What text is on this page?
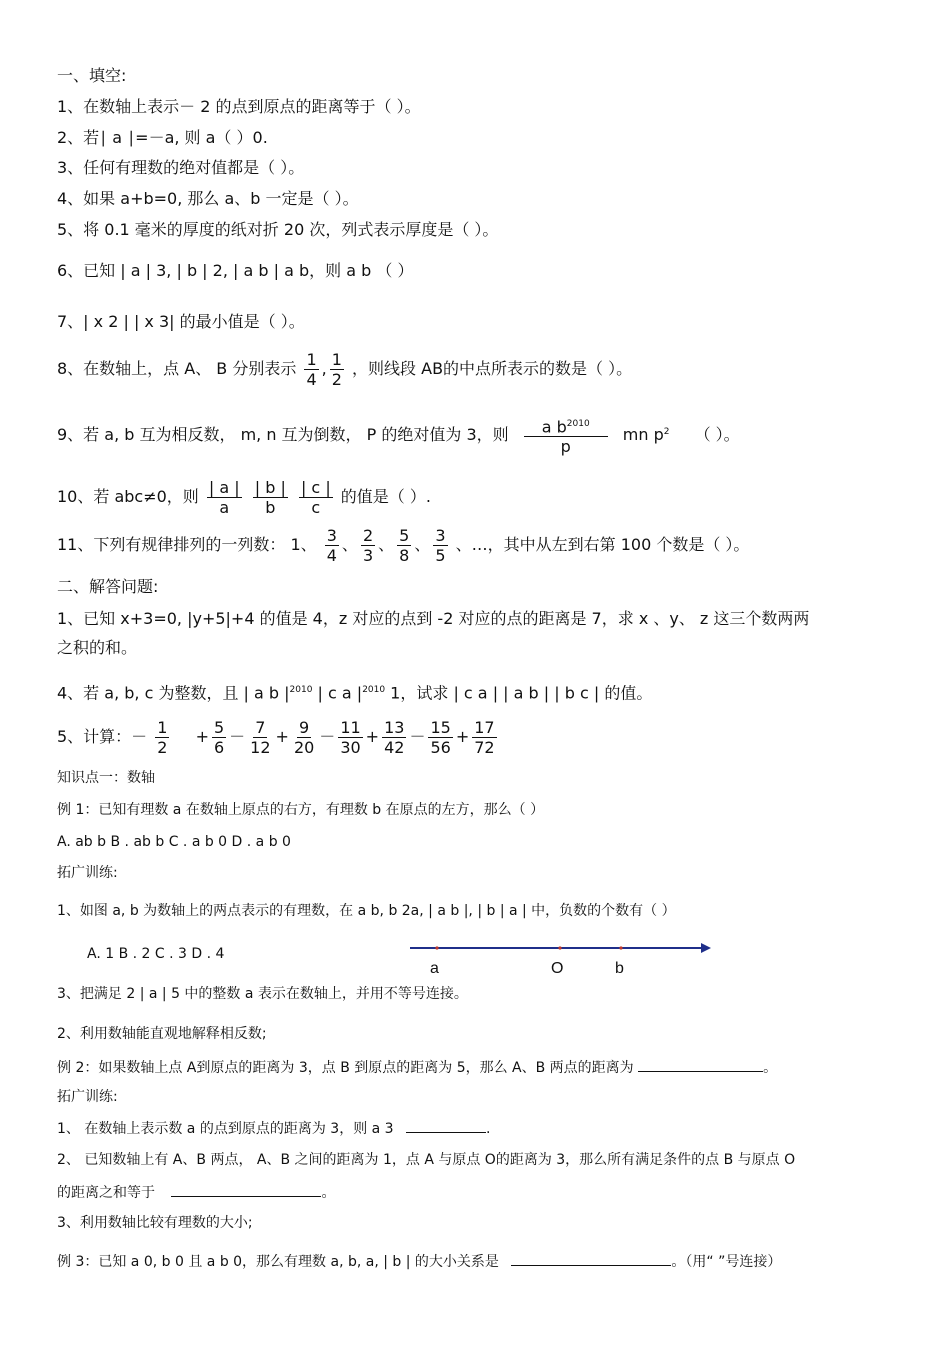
一、填空:
1、在数轴上表示－ 2 的点到原点的距离等于（ ）。
2、若∣ a ∣=－a, 则 a（ ）0.
3、任何有理数的绝对值都是（ ）。
4、如果 a+b=0, 那么 a、b 一定是（ ）。
5、将 0.1 毫米的厚度的纸对折 20 次，列式表示厚度是（ ）。
6、已知 | a | 3, | b | 2, | a b | a b，则 a b （ ）
7、| x 2 | | x 3| 的最小值是（ ）。
8、在数轴上，点 A、 B 分别表示 $\frac{1}{4}$ , $\frac{1}{2}$ ，则线段 AB的中点所表示的数是（ ）。
9、若 a, b 互为相反数， m, n 互为倒数， P 的绝对值为 3，则 $\frac{a b^{2010}}{p}$ mn $p^2$ （ ）。
10、若 abc≠0，则 $\frac{| a |}{a}$
$\frac{| b |}{b}$
$\frac{| c |}{c}$ 的值是（ ）.
11、下列有规律排列的一列数： 1、 $\frac{3}{4}$ 、 $\frac{2}{3}$ 、 $\frac{5}{8}$ 、 $\frac{3}{5}$ 、…，其中从左到右第 100 个数是（ ）。
二、解答问题:
1、已知 x+3=0, |y+5|+4 的值是 4，z 对应的点到 -2 对应的点的距离是 7，求 x 、y、 z 这三个数两两
之积的和。
4、若 a, b, c 为整数，且 | a b $|^{2010}$ | c a $|^{2010}$ 1，试求 | c a | | a b | | b c | 的值。
5、计算：－ $\frac{1}{2} + \frac{5}{6} - \frac{7}{12} + \frac{9}{20} - \frac{11}{30} + \frac{13}{42} - \frac{15}{56} + \frac{17}{72}$
知识点一：数轴
例 1：已知有理数 a 在数轴上原点的右方，有理数 b 在原点的左方，那么（ ）
A. ab b B . ab b C . a b 0 D . a b 0
拓广训练:
1、如图 a, b 为数轴上的两点表示的有理数，在 a b, b 2a, | a b |, | b | a | 中，负数的个数有（ ）
A. 1 B . 2 C . 3 D . 4
a	O	b
3、把满足 2 | a | 5 中的整数 a 表示在数轴上，并用不等号连接。
2、利用数轴能直观地解释相反数;
例 2：如果数轴上点 A到原点的距离为 3，点 B 到原点的距离为 5，那么 A、B 两点的距离为	。
拓广训练:
1、 在数轴上表示数 a 的点到原点的距离为 3，则 a 3	.
2、 已知数轴上有 A、B 两点， A、B 之间的距离为 1，点 A 与原点 O的距离为 3，那么所有满足条件的点 B 与原点 O
的距离之和等于	。
3、利用数轴比较有理数的大小;
例 3：已知 a 0, b 0 且 a b 0，那么有理数 a, b, a, | b | 的大小关系是	。（用“ ”号连接）
